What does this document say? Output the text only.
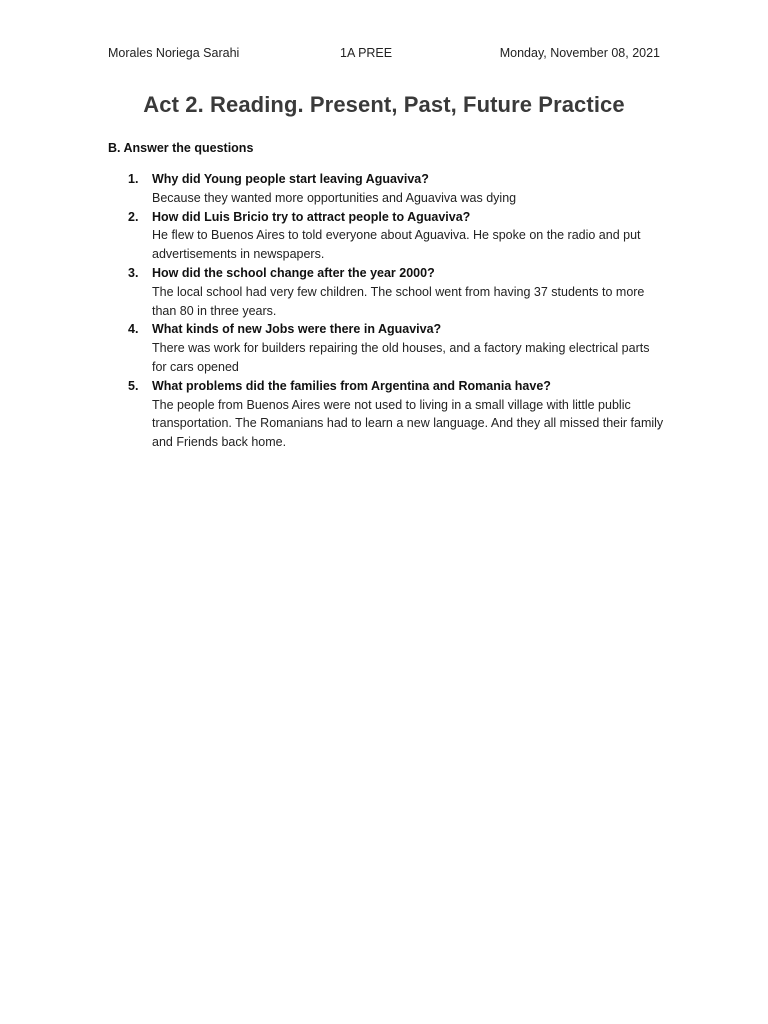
Morales Noriega Sarahi	1A PREE	Monday, November 08, 2021
Act 2. Reading. Present, Past, Future Practice
B. Answer the questions
1. Why did Young people start leaving Aguaviva?
Because they wanted more opportunities and Aguaviva was dying
2. How did Luis Bricio try to attract people to Aguaviva?
He flew to Buenos Aires to told everyone about Aguaviva. He spoke on the radio and put advertisements in newspapers.
3. How did the school change after the year 2000?
The local school had very few children. The school went from having 37 students to more than 80 in three years.
4. What kinds of new Jobs were there in Aguaviva?
There was work for builders repairing the old houses, and a factory making electrical parts for cars opened
5. What problems did the families from Argentina and Romania have?
The people from Buenos Aires were not used to living in a small village with little public transportation. The Romanians had to learn a new language. And they all missed their family and Friends back home.
